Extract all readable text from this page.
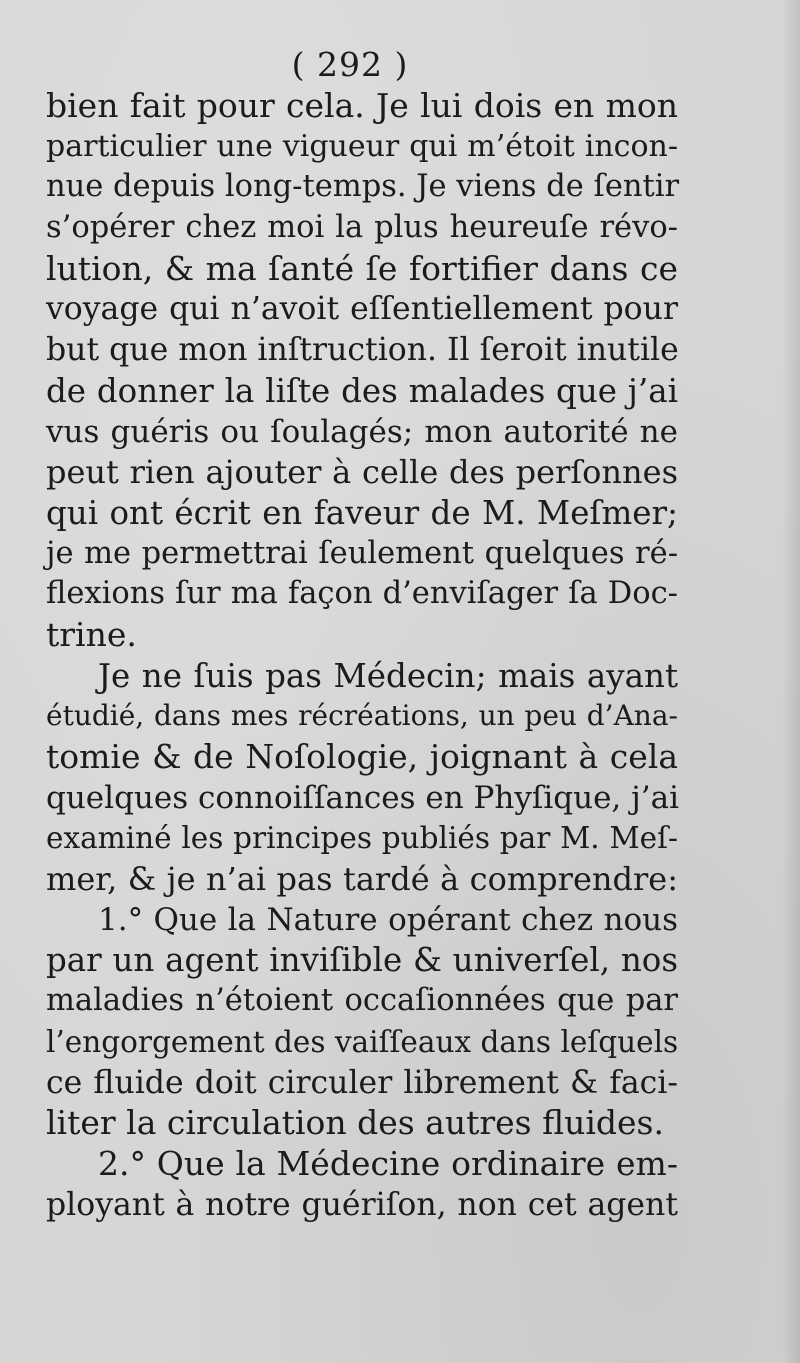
( 292 )
bien fait pour cela. Je lui dois en mon
particulier une vigueur qui m’étoit incon-
nue depuis long-temps. Je viens de ſentir
s’opérer chez moi la plus heureuſe révo-
lution, & ma ſanté ſe fortifier dans ce
voyage qui n’avoit eſſentiellement pour
but que mon inſtruction. Il ſeroit inutile
de donner la liſte des malades que j’ai
vus guéris ou ſoulagés; mon autorité ne
peut rien ajouter à celle des perſonnes
qui ont écrit en faveur de M. Meſmer;
je me permettrai ſeulement quelques ré-
flexions ſur ma façon d’enviſager ſa Doc-
trine.
Je ne ſuis pas Médecin; mais ayant
étudié, dans mes récréations, un peu d’Ana-
tomie & de Noſologie, joignant à cela
quelques connoiſſances en Phyſique, j’ai
examiné les principes publiés par M. Meſ-
mer, & je n’ai pas tardé à comprendre:
1.° Que la Nature opérant chez nous
par un agent inviſible & univerſel, nos
maladies n’étoient occaſionnées que par
l’engorgement des vaiſſeaux dans leſquels
ce fluide doit circuler librement & faci-
liter la circulation des autres fluides.
2.° Que la Médecine ordinaire em-
ployant à notre guériſon, non cet agent
